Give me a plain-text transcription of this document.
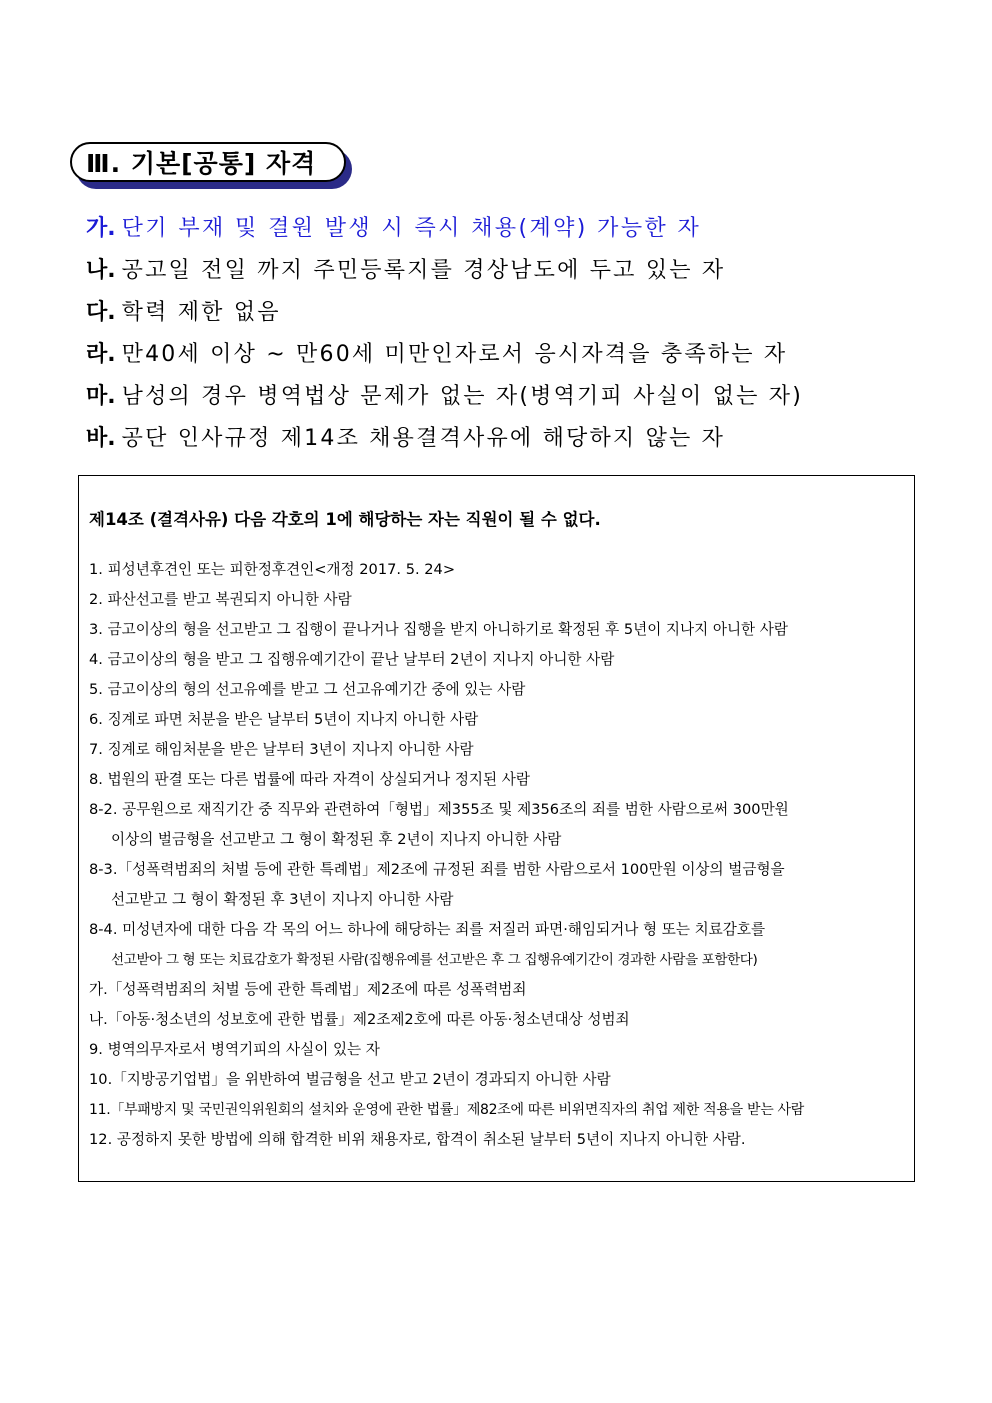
Ⅲ. 기본[공통] 자격
가. 단기 부재 및 결원 발생 시 즉시 채용(계약) 가능한 자
나. 공고일 전일 까지 주민등록지를 경상남도에 두고 있는 자
다. 학력 제한 없음
라. 만40세 이상 ~ 만60세 미만인자로서 응시자격을 충족하는 자
마. 남성의 경우 병역법상 문제가 없는 자(병역기피 사실이 없는 자)
바. 공단 인사규정 제14조 채용결격사유에 해당하지 않는 자
제14조 (결격사유) 다음 각호의 1에 해당하는 자는 직원이 될 수 없다.
1. 피성년후견인 또는 피한정후견인<개정 2017. 5. 24>
2. 파산선고를 받고 복권되지 아니한 사람
3. 금고이상의 형을 선고받고 그 집행이 끝나거나 집행을 받지 아니하기로 확정된 후 5년이 지나지 아니한 사람
4. 금고이상의 형을 받고 그 집행유예기간이 끝난 날부터 2년이 지나지 아니한 사람
5. 금고이상의 형의 선고유예를 받고 그 선고유예기간 중에 있는 사람
6. 징계로 파면 처분을 받은 날부터 5년이 지나지 아니한 사람
7. 징계로 해임처분을 받은 날부터 3년이 지나지 아니한 사람
8. 법원의 판결 또는 다른 법률에 따라 자격이 상실되거나 정지된 사람
8-2. 공무원으로 재직기간 중 직무와 관련하여「형법」제355조 및 제356조의 죄를 범한 사람으로써 300만원
이상의 벌금형을 선고받고 그 형이 확정된 후 2년이 지나지 아니한 사람
8-3.「성폭력범죄의 처벌 등에 관한 특례법」제2조에 규정된 죄를 범한 사람으로서 100만원 이상의 벌금형을
선고받고 그 형이 확정된 후 3년이 지나지 아니한 사람
8-4. 미성년자에 대한 다음 각 목의 어느 하나에 해당하는 죄를 저질러 파면·해임되거나 형 또는 치료감호를
선고받아 그 형 또는 치료감호가 확정된 사람(집행유예를 선고받은 후 그 집행유예기간이 경과한 사람을 포함한다)
가.「성폭력범죄의 처벌 등에 관한 특례법」제2조에 따른 성폭력범죄
나.「아동·청소년의 성보호에 관한 법률」제2조제2호에 따른 아동·청소년대상 성범죄
9. 병역의무자로서 병역기피의 사실이 있는 자
10.「지방공기업법」을 위반하여 벌금형을 선고 받고 2년이 경과되지 아니한 사람
11.「부패방지 및 국민권익위원회의 설치와 운영에 관한 법률」제82조에 따른 비위면직자의 취업 제한 적용을 받는 사람
12. 공정하지 못한 방법에 의해 합격한 비위 채용자로, 합격이 취소된 날부터 5년이 지나지 아니한 사람.
